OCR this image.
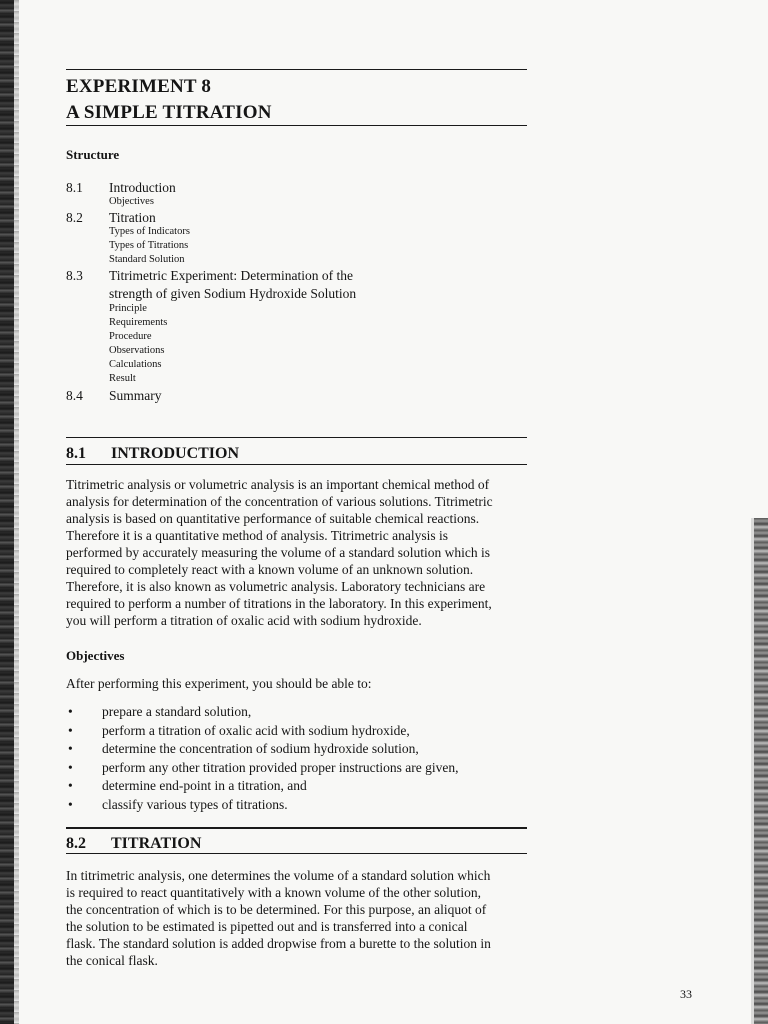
EXPERIMENT 8
A SIMPLE TITRATION
Structure
8.1	Introduction
Objectives
8.2	Titration
Types of Indicators
Types of Titrations
Standard Solution
8.3	Titrimetric Experiment: Determination of the
strength of given Sodium Hydroxide Solution
Principle
Requirements
Procedure
Observations
Calculations
Result
8.4	Summary
8.1 INTRODUCTION
Titrimetric analysis or volumetric analysis is an important chemical method of
analysis for determination of the concentration of various solutions. Titrimetric
analysis is based on quantitative performance of suitable chemical reactions.
Therefore it is a quantitative method of analysis. Titrimetric analysis is
performed by accurately measuring the volume of a standard solution which is
required to completely react with a known volume of an unknown solution.
Therefore, it is also known as volumetric analysis. Laboratory technicians are
required to perform a number of titrations in the laboratory. In this experiment,
you will perform a titration of oxalic acid with sodium hydroxide.
Objectives
After performing this experiment, you should be able to:
• prepare a standard solution,
• perform a titration of oxalic acid with sodium hydroxide,
• determine the concentration of sodium hydroxide solution,
• perform any other titration provided proper instructions are given,
• determine end-point in a titration, and
• classify various types of titrations.
8.2 TITRATION
In titrimetric analysis, one determines the volume of a standard solution which
is required to react quantitatively with a known volume of the other solution,
the concentration of which is to be determined. For this purpose, an aliquot of
the solution to be estimated is pipetted out and is transferred into a conical
flask. The standard solution is added dropwise from a burette to the solution in
the conical flask.
33
